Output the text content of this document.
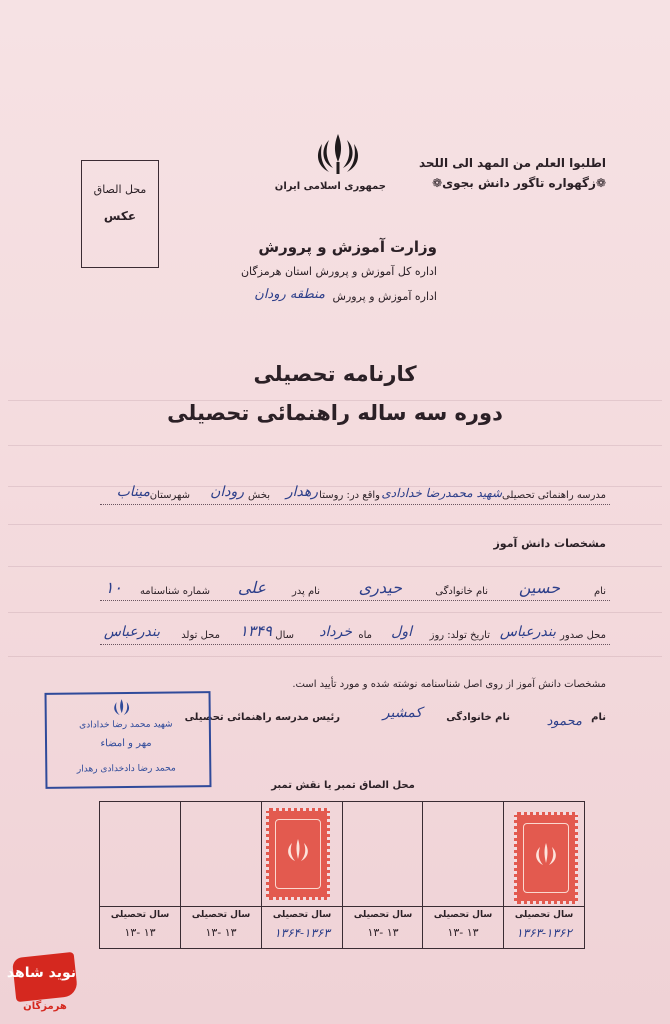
اطلبوا العلم من المهد الی اللحد
❁زگهواره تاگور دانش بجوی❁
جمهوری اسلامی ایران
محل الصاق
عکس
وزارت آموزش و پرورش
اداره کل آموزش و پرورش استان هرمزگان
اداره آموزش و پرورش
منطقه رودان
کارنامه تحصیلی
دوره سه ساله راهنمائی تحصیلی
مدرسه راهنمائی تحصیلی
شهید محمدرضا خدادادی
واقع در: روستا
رهدار
بخش
رودان
شهرستان
میناب
مشخصات دانش آموز
نام
حسین
نام خانوادگی
حیدری
نام پدر
علی
شماره شناسنامه
۱۰
محل صدور
بندرعباس
تاریخ تولد: روز
اول
ماه
خرداد
سال
۱۳۴۹
محل تولد
بندرعباس
مشخصات دانش آموز از روی اصل شناسنامه نوشته شده و مورد تأیید است.
نام
محمود
نام خانوادگی
کمشیر
رئیس مدرسه راهنمائی تحصیلی
شهید محمد رضا خدادادی
مهر و امضاء
محمد رضا دادخدادی رهدار
محل الصاق تمبر یا نقش تمبر
سال تحصیلی
۱۳۶۳-۱۳۶۲
سال تحصیلی
۱۳ -۱۳
سال تحصیلی
۱۳ -۱۳
سال تحصیلی
۱۳۶۴-۱۳۶۳
سال تحصیلی
۱۳ -۱۳
سال تحصیلی
۱۳ -۱۳
نوید شاهد
هرمزگان
